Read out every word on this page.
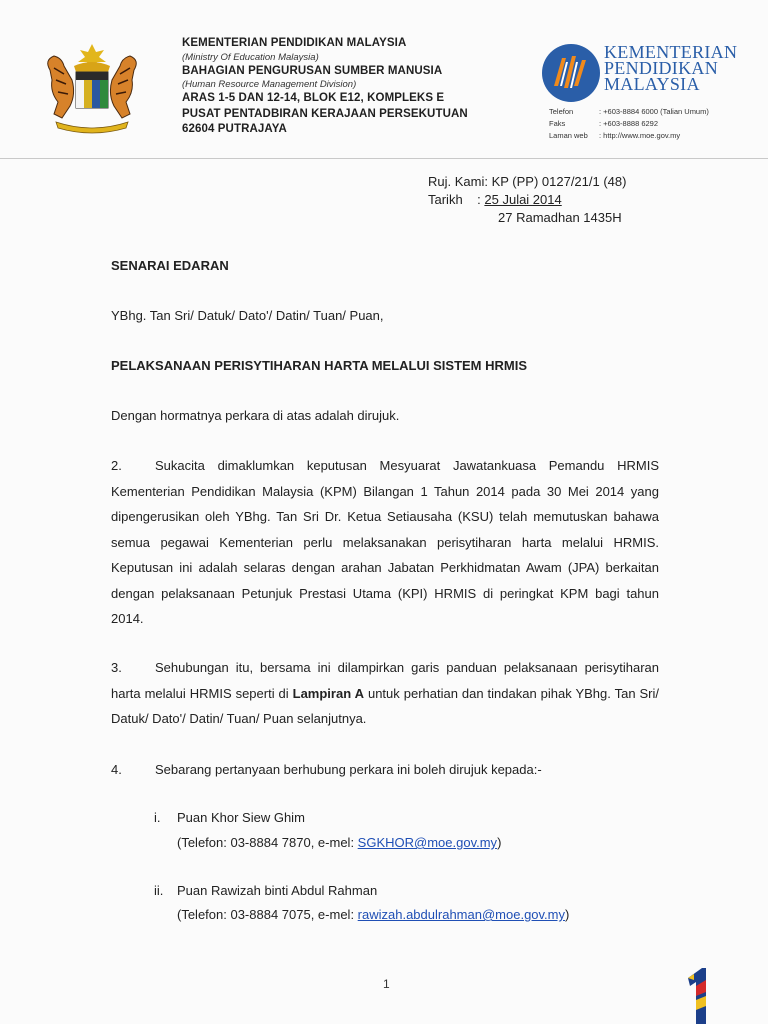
KEMENTERIAN PENDIDIKAN MALAYSIA
(Ministry Of Education Malaysia)
BAHAGIAN PENGURUSAN SUMBER MANUSIA
(Human Resource Management Division)
ARAS 1-5 DAN 12-14, BLOK E12, KOMPLEKS E
PUSAT PENTADBIRAN KERAJAAN PERSEKUTUAN
62604 PUTRAJAYA
KEMENTERIAN
PENDIDIKAN
MALAYSIA
Telefon	: +603-8884 6000 (Talian Umum)
Faks	: +603-8888 6292
Laman web	: http://www.moe.gov.my
Ruj. Kami: KP (PP) 0127/21/1 (48)
Tarikh : 25 Julai 2014
27 Ramadhan 1435H
SENARAI EDARAN
YBhg. Tan Sri/ Datuk/ Dato'/ Datin/ Tuan/ Puan,
PELAKSANAAN PERISYTIHARAN HARTA MELALUI SISTEM HRMIS
Dengan hormatnya perkara di atas adalah dirujuk.
2.	Sukacita dimaklumkan keputusan Mesyuarat Jawatankuasa Pemandu HRMIS Kementerian Pendidikan Malaysia (KPM) Bilangan 1 Tahun 2014 pada 30 Mei 2014 yang dipengerusikan oleh YBhg. Tan Sri Dr. Ketua Setiausaha (KSU) telah memutuskan bahawa semua pegawai Kementerian perlu melaksanakan perisytiharan harta melalui HRMIS. Keputusan ini adalah selaras dengan arahan Jabatan Perkhidmatan Awam (JPA) berkaitan dengan pelaksanaan Petunjuk Prestasi Utama (KPI) HRMIS di peringkat KPM bagi tahun 2014.
3.	Sehubungan itu, bersama ini dilampirkan garis panduan pelaksanaan perisytiharan harta melalui HRMIS seperti di Lampiran A untuk perhatian dan tindakan pihak YBhg. Tan Sri/ Datuk/ Dato'/ Datin/ Tuan/ Puan selanjutnya.
4.	Sebarang pertanyaan berhubung perkara ini boleh dirujuk kepada:-
i. Puan Khor Siew Ghim
(Telefon: 03-8884 7870, e-mel: SGKHOR@moe.gov.my)
ii. Puan Rawizah binti Abdul Rahman
(Telefon: 03-8884 7075, e-mel: rawizah.abdulrahman@moe.gov.my)
1
